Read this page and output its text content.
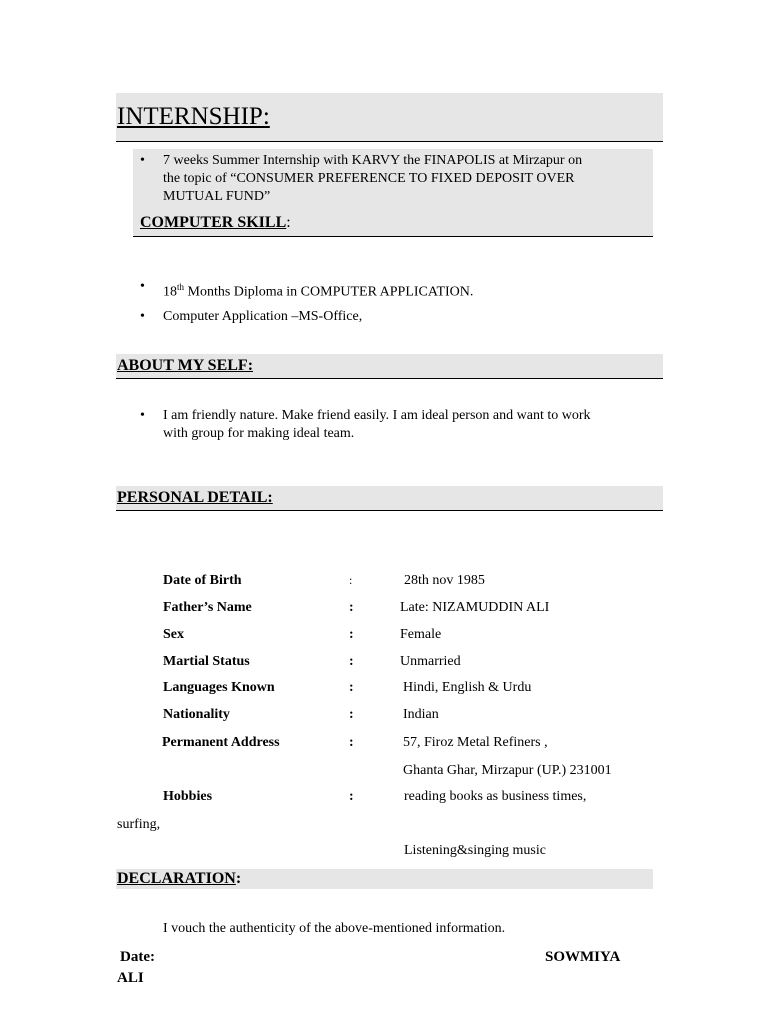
INTERNSHIP:
• 7 weeks Summer Internship with KARVY the FINAPOLIS at Mirzapur on
the topic of “CONSUMER PREFERENCE TO FIXED DEPOSIT OVER
MUTUAL FUND”
COMPUTER SKILL:
• 18th Months Diploma in COMPUTER APPLICATION.
• Computer Application –MS-Office,
ABOUT MY SELF:
• I am friendly nature. Make friend easily. I am ideal person and want to work
with group for making ideal team.
PERSONAL DETAIL:
Date of Birth	:	28th nov 1985
Father’s Name	:	Late: NIZAMUDDIN ALI
Sex	:	Female
Martial Status	:	Unmarried
Languages Known	:	Hindi, English & Urdu
Nationality	:	Indian
Permanent Address	:	57, Firoz Metal Refiners ,
Ghanta Ghar, Mirzapur (UP.) 231001
Hobbies	:	reading books as business times,
surfing,
Listening&singing music
DECLARATION:
I vouch the authenticity of the above-mentioned information.
Date:	SOWMIYA
ALI
